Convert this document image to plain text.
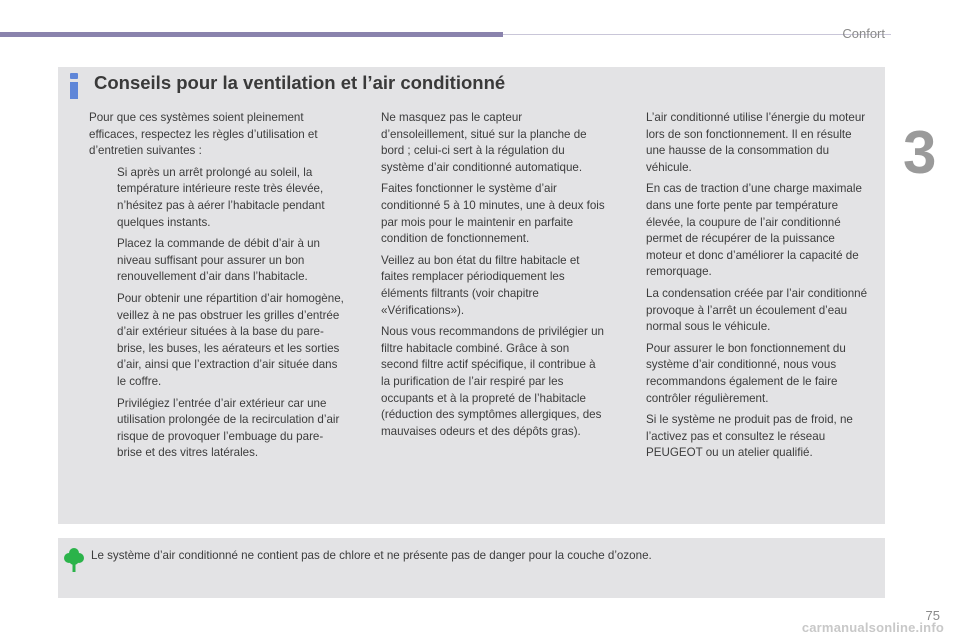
Confort
3
Conseils pour la ventilation et l’air conditionné

Pour que ces systèmes soient pleinement efficaces, respectez les règles d’utilisation et d’entretien suivantes :

Si après un arrêt prolongé au soleil, la température intérieure reste très élevée, n’hésitez pas à aérer l’habitacle pendant quelques instants.

Placez la commande de débit d’air à un niveau suffisant pour assurer un bon renouvellement d’air dans l’habitacle.

Pour obtenir une répartition d’air homogène, veillez à ne pas obstruer les grilles d’entrée d’air extérieur situées à la base du pare-brise, les buses, les aérateurs et les sorties d’air, ainsi que l’extraction d’air située dans le coffre.
Privilégiez l’entrée d’air extérieur car une utilisation prolongée de la recirculation d’air risque de provoquer l’embuage du pare-brise et des vitres latérales.
Ne masquez pas le capteur d’ensoleillement, situé sur la planche de bord ; celui-ci sert à la régulation du système d’air conditionné automatique.
Faites fonctionner le système d’air conditionné 5 à 10 minutes, une à deux fois par mois pour le maintenir en parfaite condition de fonctionnement.
Veillez au bon état du filtre habitacle et faites remplacer périodiquement les éléments filtrants (voir chapitre «Vérifications»).

Nous vous recommandons de privilégier un filtre habitacle combiné. Grâce à son second filtre actif spécifique, il contribue à la purification de l’air respiré par les occupants et à la propreté de l’habitacle (réduction des symptômes allergiques, des mauvaises odeurs et des dépôts gras).

L’air conditionné utilise l’énergie du moteur lors de son fonctionnement. Il en résulte une hausse de la consommation du véhicule.

En cas de traction d’une charge maximale dans une forte pente par température élevée, la coupure de l’air conditionné permet de récupérer de la puissance moteur et donc d’améliorer la capacité de remorquage.

La condensation créée par l’air conditionné provoque à l’arrêt un écoulement d’eau normal sous le véhicule.

Pour assurer le bon fonctionnement du système d’air conditionné, nous vous recommandons également de le faire contrôler régulièrement.
Si le système ne produit pas de froid, ne l’activez pas et consultez le réseau PEUGEOT ou un atelier qualifié.
Le système d’air conditionné ne contient pas de chlore et ne présente pas de danger pour la couche d’ozone.
75
carmanualsonline.info
